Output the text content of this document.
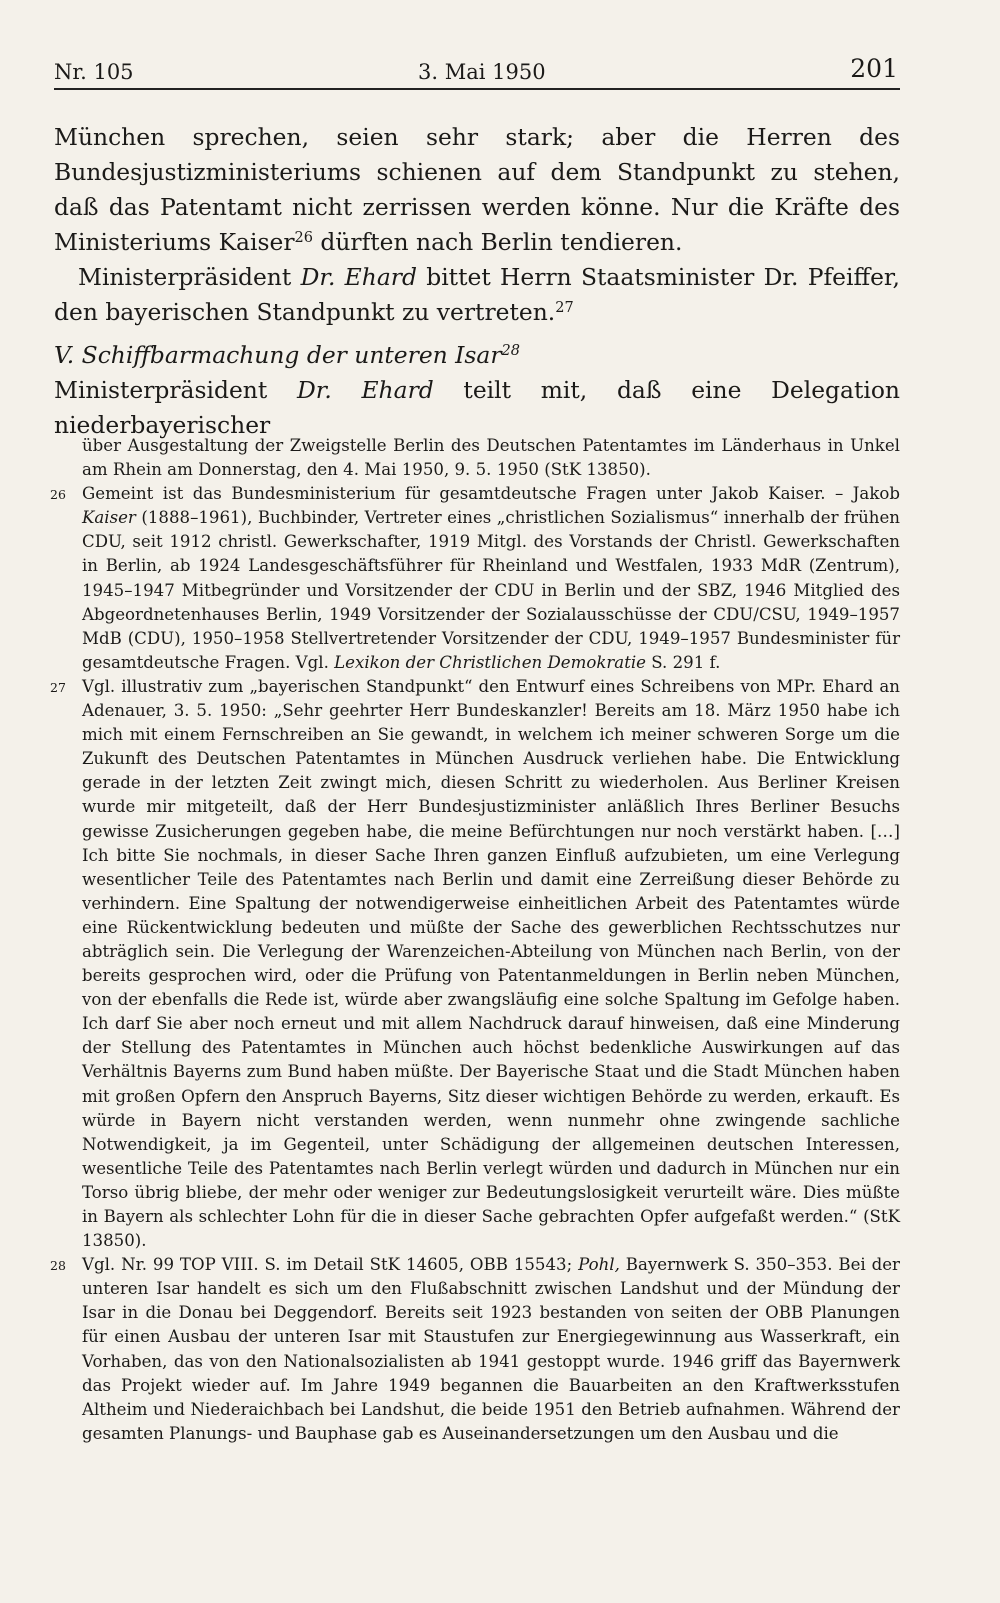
Nr. 105	3. Mai 1950	201

München sprechen, seien sehr stark; aber die Herren des Bundesjustizministeriums schienen auf dem Standpunkt zu stehen, daß das Patentamt nicht zerrissen werden könne. Nur die Kräfte des Ministeriums Kaiser$^{26}$ dürften nach Berlin tendieren.

Ministerpräsident Dr. Ehard bittet Herrn Staatsminister Dr. Pfeiffer, den bayerischen Standpunkt zu vertreten.$^{27}$

V. Schiffbarmachung der unteren Isar$^{28}$

Ministerpräsident Dr. Ehard teilt mit, daß eine Delegation niederbayerischer

über Ausgestaltung der Zweigstelle Berlin des Deutschen Patentamtes im Länderhaus in Unkel am Rhein am Donnerstag, den 4. Mai 1950, 9. 5. 1950 (StK 13850).

26 Gemeint ist das Bundesministerium für gesamtdeutsche Fragen unter Jakob Kaiser. – Jakob Kaiser (1888–1961), Buchbinder, Vertreter eines „christlichen Sozialismus“ innerhalb der frühen CDU, seit 1912 christl. Gewerkschafter, 1919 Mitgl. des Vorstands der Christl. Gewerkschaften in Berlin, ab 1924 Landesgeschäftsführer für Rheinland und Westfalen, 1933 MdR (Zentrum), 1945–1947 Mitbegründer und Vorsitzender der CDU in Berlin und der SBZ, 1946 Mitglied des Abgeordnetenhauses Berlin, 1949 Vorsitzender der Sozialausschüsse der CDU/CSU, 1949–1957 MdB (CDU), 1950–1958 Stellvertretender Vorsitzender der CDU, 1949–1957 Bundesminister für gesamtdeutsche Fragen. Vgl. Lexikon der Christlichen Demokratie S. 291 f.

27 Vgl. illustrativ zum „bayerischen Standpunkt“ den Entwurf eines Schreibens von MPr. Ehard an Adenauer, 3. 5. 1950: „Sehr geehrter Herr Bundeskanzler! Bereits am 18. März 1950 habe ich mich mit einem Fernschreiben an Sie gewandt, in welchem ich meiner schweren Sorge um die Zukunft des Deutschen Patentamtes in München Ausdruck verliehen habe. Die Entwicklung gerade in der letzten Zeit zwingt mich, diesen Schritt zu wiederholen. Aus Berliner Kreisen wurde mir mitgeteilt, daß der Herr Bundesjustizminister anläßlich Ihres Berliner Besuchs gewisse Zusicherungen gegeben habe, die meine Befürchtungen nur noch verstärkt haben. […] Ich bitte Sie nochmals, in dieser Sache Ihren ganzen Einfluß aufzubieten, um eine Verlegung wesentlicher Teile des Patentamtes nach Berlin und damit eine Zerreißung dieser Behörde zu verhindern. Eine Spaltung der notwendigerweise einheitlichen Arbeit des Patentamtes würde eine Rückentwicklung bedeuten und müßte der Sache des gewerblichen Rechtsschutzes nur abträglich sein. Die Verlegung der Warenzeichen-Abteilung von München nach Berlin, von der bereits gesprochen wird, oder die Prüfung von Patentanmeldungen in Berlin neben München, von der ebenfalls die Rede ist, würde aber zwangsläufig eine solche Spaltung im Gefolge haben. Ich darf Sie aber noch erneut und mit allem Nachdruck darauf hinweisen, daß eine Minderung der Stellung des Patentamtes in München auch höchst bedenkliche Auswirkungen auf das Verhältnis Bayerns zum Bund haben müßte. Der Bayerische Staat und die Stadt München haben mit großen Opfern den Anspruch Bayerns, Sitz dieser wichtigen Behörde zu werden, erkauft. Es würde in Bayern nicht verstanden werden, wenn nunmehr ohne zwingende sachliche Notwendigkeit, ja im Gegenteil, unter Schädigung der allgemeinen deutschen Interessen, wesentliche Teile des Patentamtes nach Berlin verlegt würden und dadurch in München nur ein Torso übrig bliebe, der mehr oder weniger zur Bedeutungslosigkeit verurteilt wäre. Dies müßte in Bayern als schlechter Lohn für die in dieser Sache gebrachten Opfer aufgefaßt werden.“ (StK 13850).

28 Vgl. Nr. 99 TOP VIII. S. im Detail StK 14605, OBB 15543; Pohl, Bayernwerk S. 350–353. Bei der unteren Isar handelt es sich um den Flußabschnitt zwischen Landshut und der Mündung der Isar in die Donau bei Deggendorf. Bereits seit 1923 bestanden von seiten der OBB Planungen für einen Ausbau der unteren Isar mit Staustufen zur Energiegewinnung aus Wasserkraft, ein Vorhaben, das von den Nationalsozialisten ab 1941 gestoppt wurde. 1946 griff das Bayernwerk das Projekt wieder auf. Im Jahre 1949 begannen die Bauarbeiten an den Kraftwerksstufen Altheim und Niederaichbach bei Landshut, die beide 1951 den Betrieb aufnahmen. Während der gesamten Planungs- und Bauphase gab es Auseinandersetzungen um den Ausbau und die
